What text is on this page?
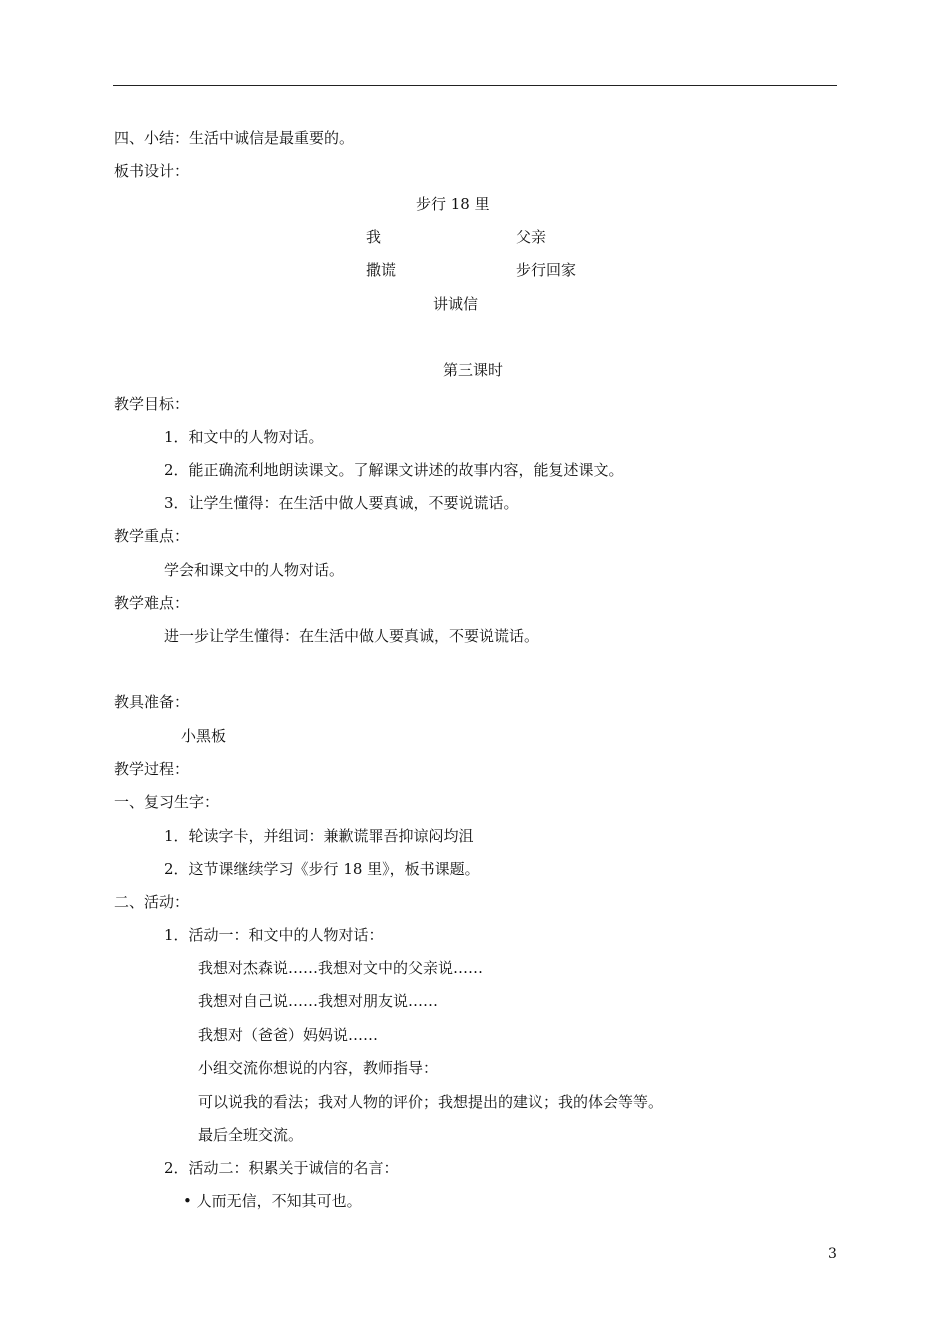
四、小结：生活中诚信是最重要的。
板书设计：
步行 18 里
我	父亲
撒谎	步行回家
讲诚信
第三课时
教学目标：
1．和文中的人物对话。
2．能正确流利地朗读课文。了解课文讲述的故事内容，能复述课文。
3．让学生懂得：在生活中做人要真诚，不要说谎话。
教学重点：
学会和课文中的人物对话。
教学难点：
进一步让学生懂得：在生活中做人要真诚，不要说谎话。
教具准备：
小黑板
教学过程：
一、复习生字：
1．轮读字卡，并组词：兼歉谎罪吾抑谅闷均沮
2．这节课继续学习《步行 18 里》，板书课题。
二、活动：
1．活动一：和文中的人物对话：
我想对杰森说……我想对文中的父亲说……
我想对自己说……我想对朋友说……
我想对（爸爸）妈妈说……
小组交流你想说的内容，教师指导：
可以说我的看法；我对人物的评价；我想提出的建议；我的体会等等。
最后全班交流。
2．活动二：积累关于诚信的名言：
• 人而无信，不知其可也。
3
